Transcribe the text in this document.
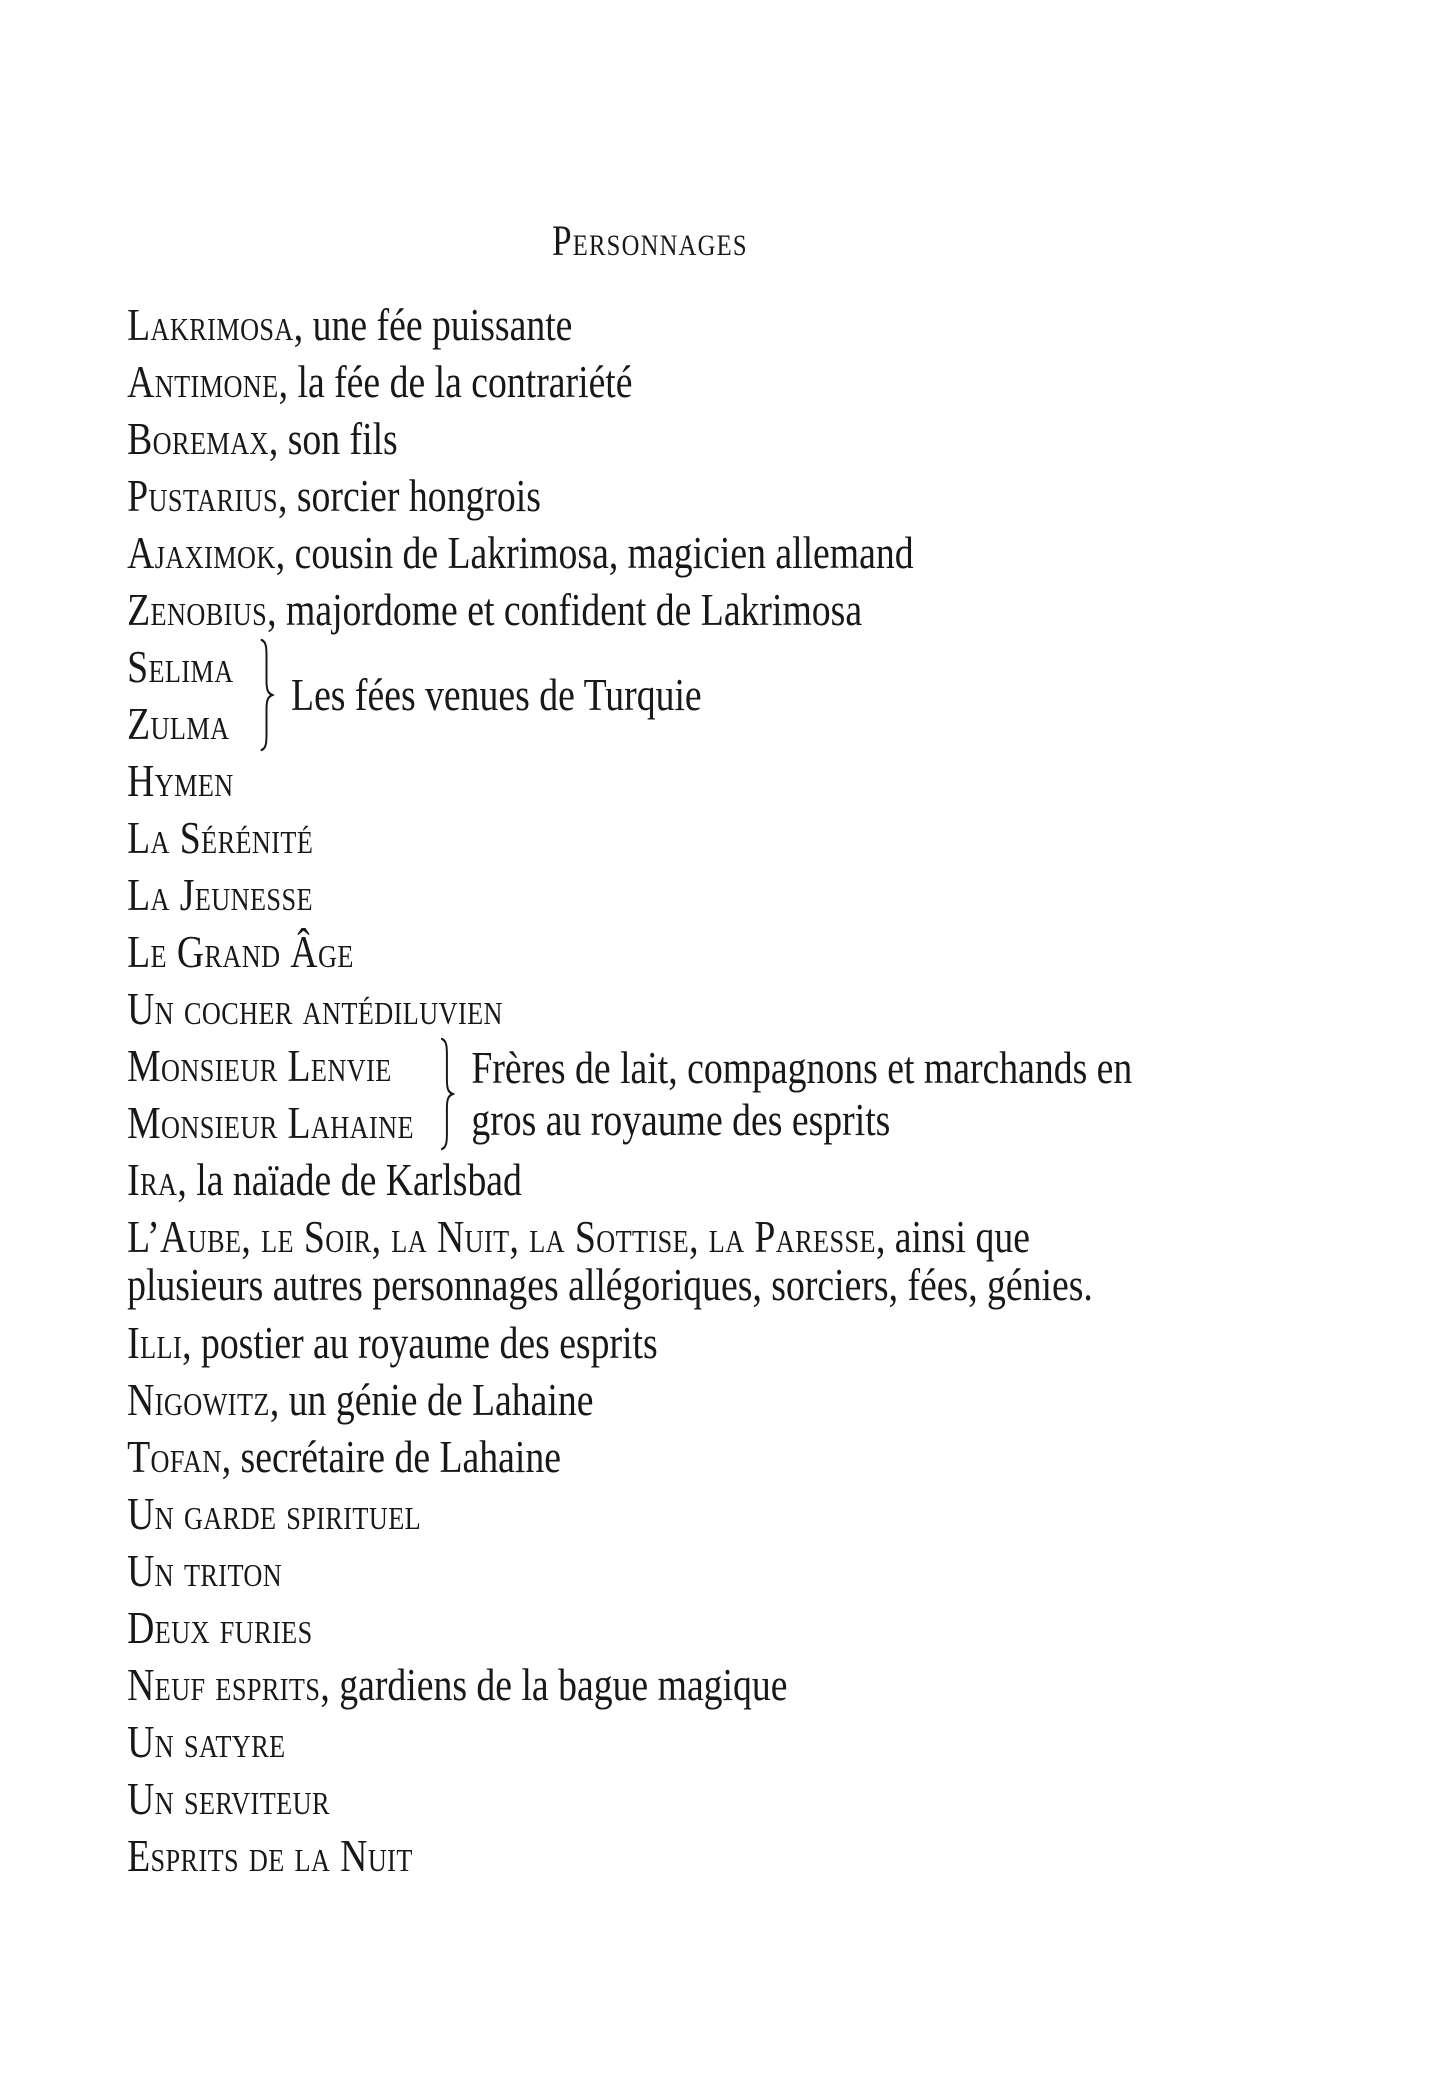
Personnages
Lakrimosa, une fée puissante
Antimone, la fée de la contrariété
Boremax, son fils
Pustarius, sorcier hongrois
Ajaximok, cousin de Lakrimosa, magicien allemand
Zenobius, majordome et confident de Lakrimosa
Selima
Zulma
Les fées venues de Turquie
Hymen
La Sérénité
La Jeunesse
Le Grand Âge
Un cocher antédiluvien
Monsieur Lenvie
Monsieur Lahaine
Frères de lait, compagnons et marchands en
gros au royaume des esprits
Ira, la naïade de Karlsbad
L’Aube, le Soir, la Nuit, la Sottise, la Paresse, ainsi que
plusieurs autres personnages allégoriques, sorciers, fées, génies.
Illi, postier au royaume des esprits
Nigowitz, un génie de Lahaine
Tofan, secrétaire de Lahaine
Un garde spirituel
Un triton
Deux furies
Neuf esprits, gardiens de la bague magique
Un satyre
Un serviteur
Esprits de la Nuit
